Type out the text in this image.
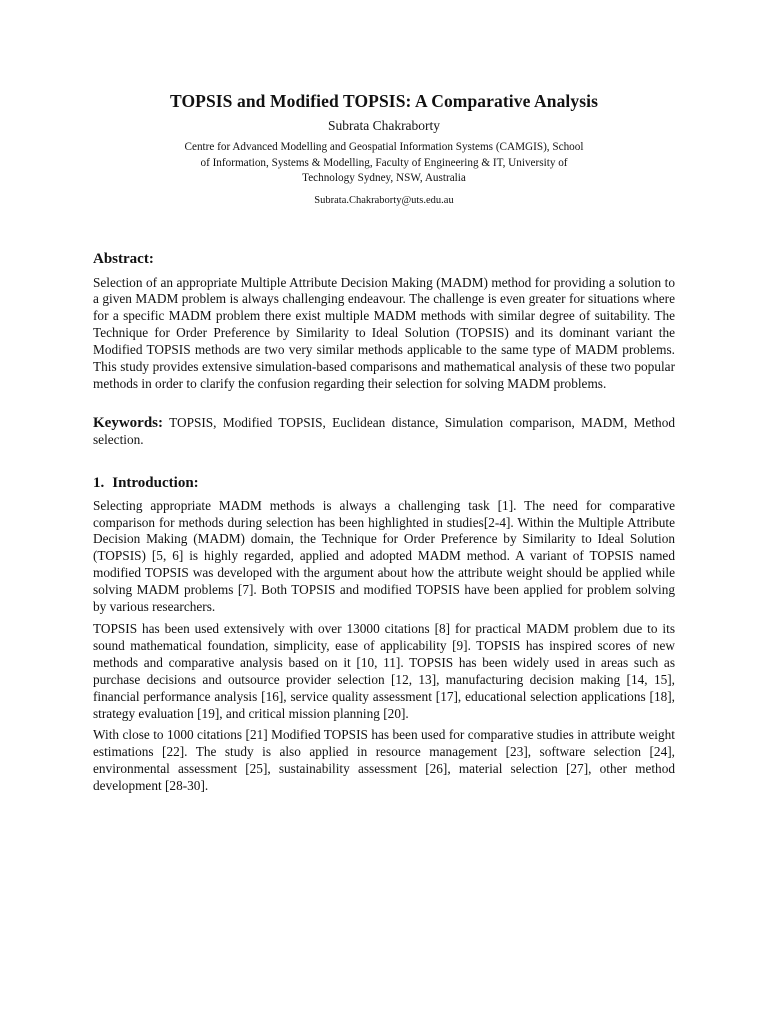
TOPSIS and Modified TOPSIS: A Comparative Analysis
Subrata Chakraborty
Centre for Advanced Modelling and Geospatial Information Systems (CAMGIS), School of Information, Systems & Modelling, Faculty of Engineering & IT, University of Technology Sydney, NSW, Australia
Subrata.Chakraborty@uts.edu.au
Abstract:

Selection of an appropriate Multiple Attribute Decision Making (MADM) method for providing a solution to a given MADM problem is always challenging endeavour. The challenge is even greater for situations where for a specific MADM problem there exist multiple MADM methods with similar degree of suitability. The Technique for Order Preference by Similarity to Ideal Solution (TOPSIS) and its dominant variant the Modified TOPSIS methods are two very similar methods applicable to the same type of MADM problems. This study provides extensive simulation-based comparisons and mathematical analysis of these two popular methods in order to clarify the confusion regarding their selection for solving MADM problems.

Keywords: TOPSIS, Modified TOPSIS, Euclidean distance, Simulation comparison, MADM, Method selection.

1. Introduction:

Selecting appropriate MADM methods is always a challenging task [1]. The need for comparative comparison for methods during selection has been highlighted in studies[2-4]. Within the Multiple Attribute Decision Making (MADM) domain, the Technique for Order Preference by Similarity to Ideal Solution (TOPSIS) [5, 6] is highly regarded, applied and adopted MADM method. A variant of TOPSIS named modified TOPSIS was developed with the argument about how the attribute weight should be applied while solving MADM problems [7]. Both TOPSIS and modified TOPSIS have been applied for problem solving by various researchers.

TOPSIS has been used extensively with over 13000 citations [8] for practical MADM problem due to its sound mathematical foundation, simplicity, ease of applicability [9]. TOPSIS has inspired scores of new methods and comparative analysis based on it [10, 11]. TOPSIS has been widely used in areas such as purchase decisions and outsource provider selection [12, 13], manufacturing decision making [14, 15], financial performance analysis [16], service quality assessment [17], educational selection applications [18], strategy evaluation [19], and critical mission planning [20].

With close to 1000 citations [21] Modified TOPSIS has been used for comparative studies in attribute weight estimations [22]. The study is also applied in resource management [23], software selection [24], environmental assessment [25], sustainability assessment [26], material selection [27], other method development [28-30].
